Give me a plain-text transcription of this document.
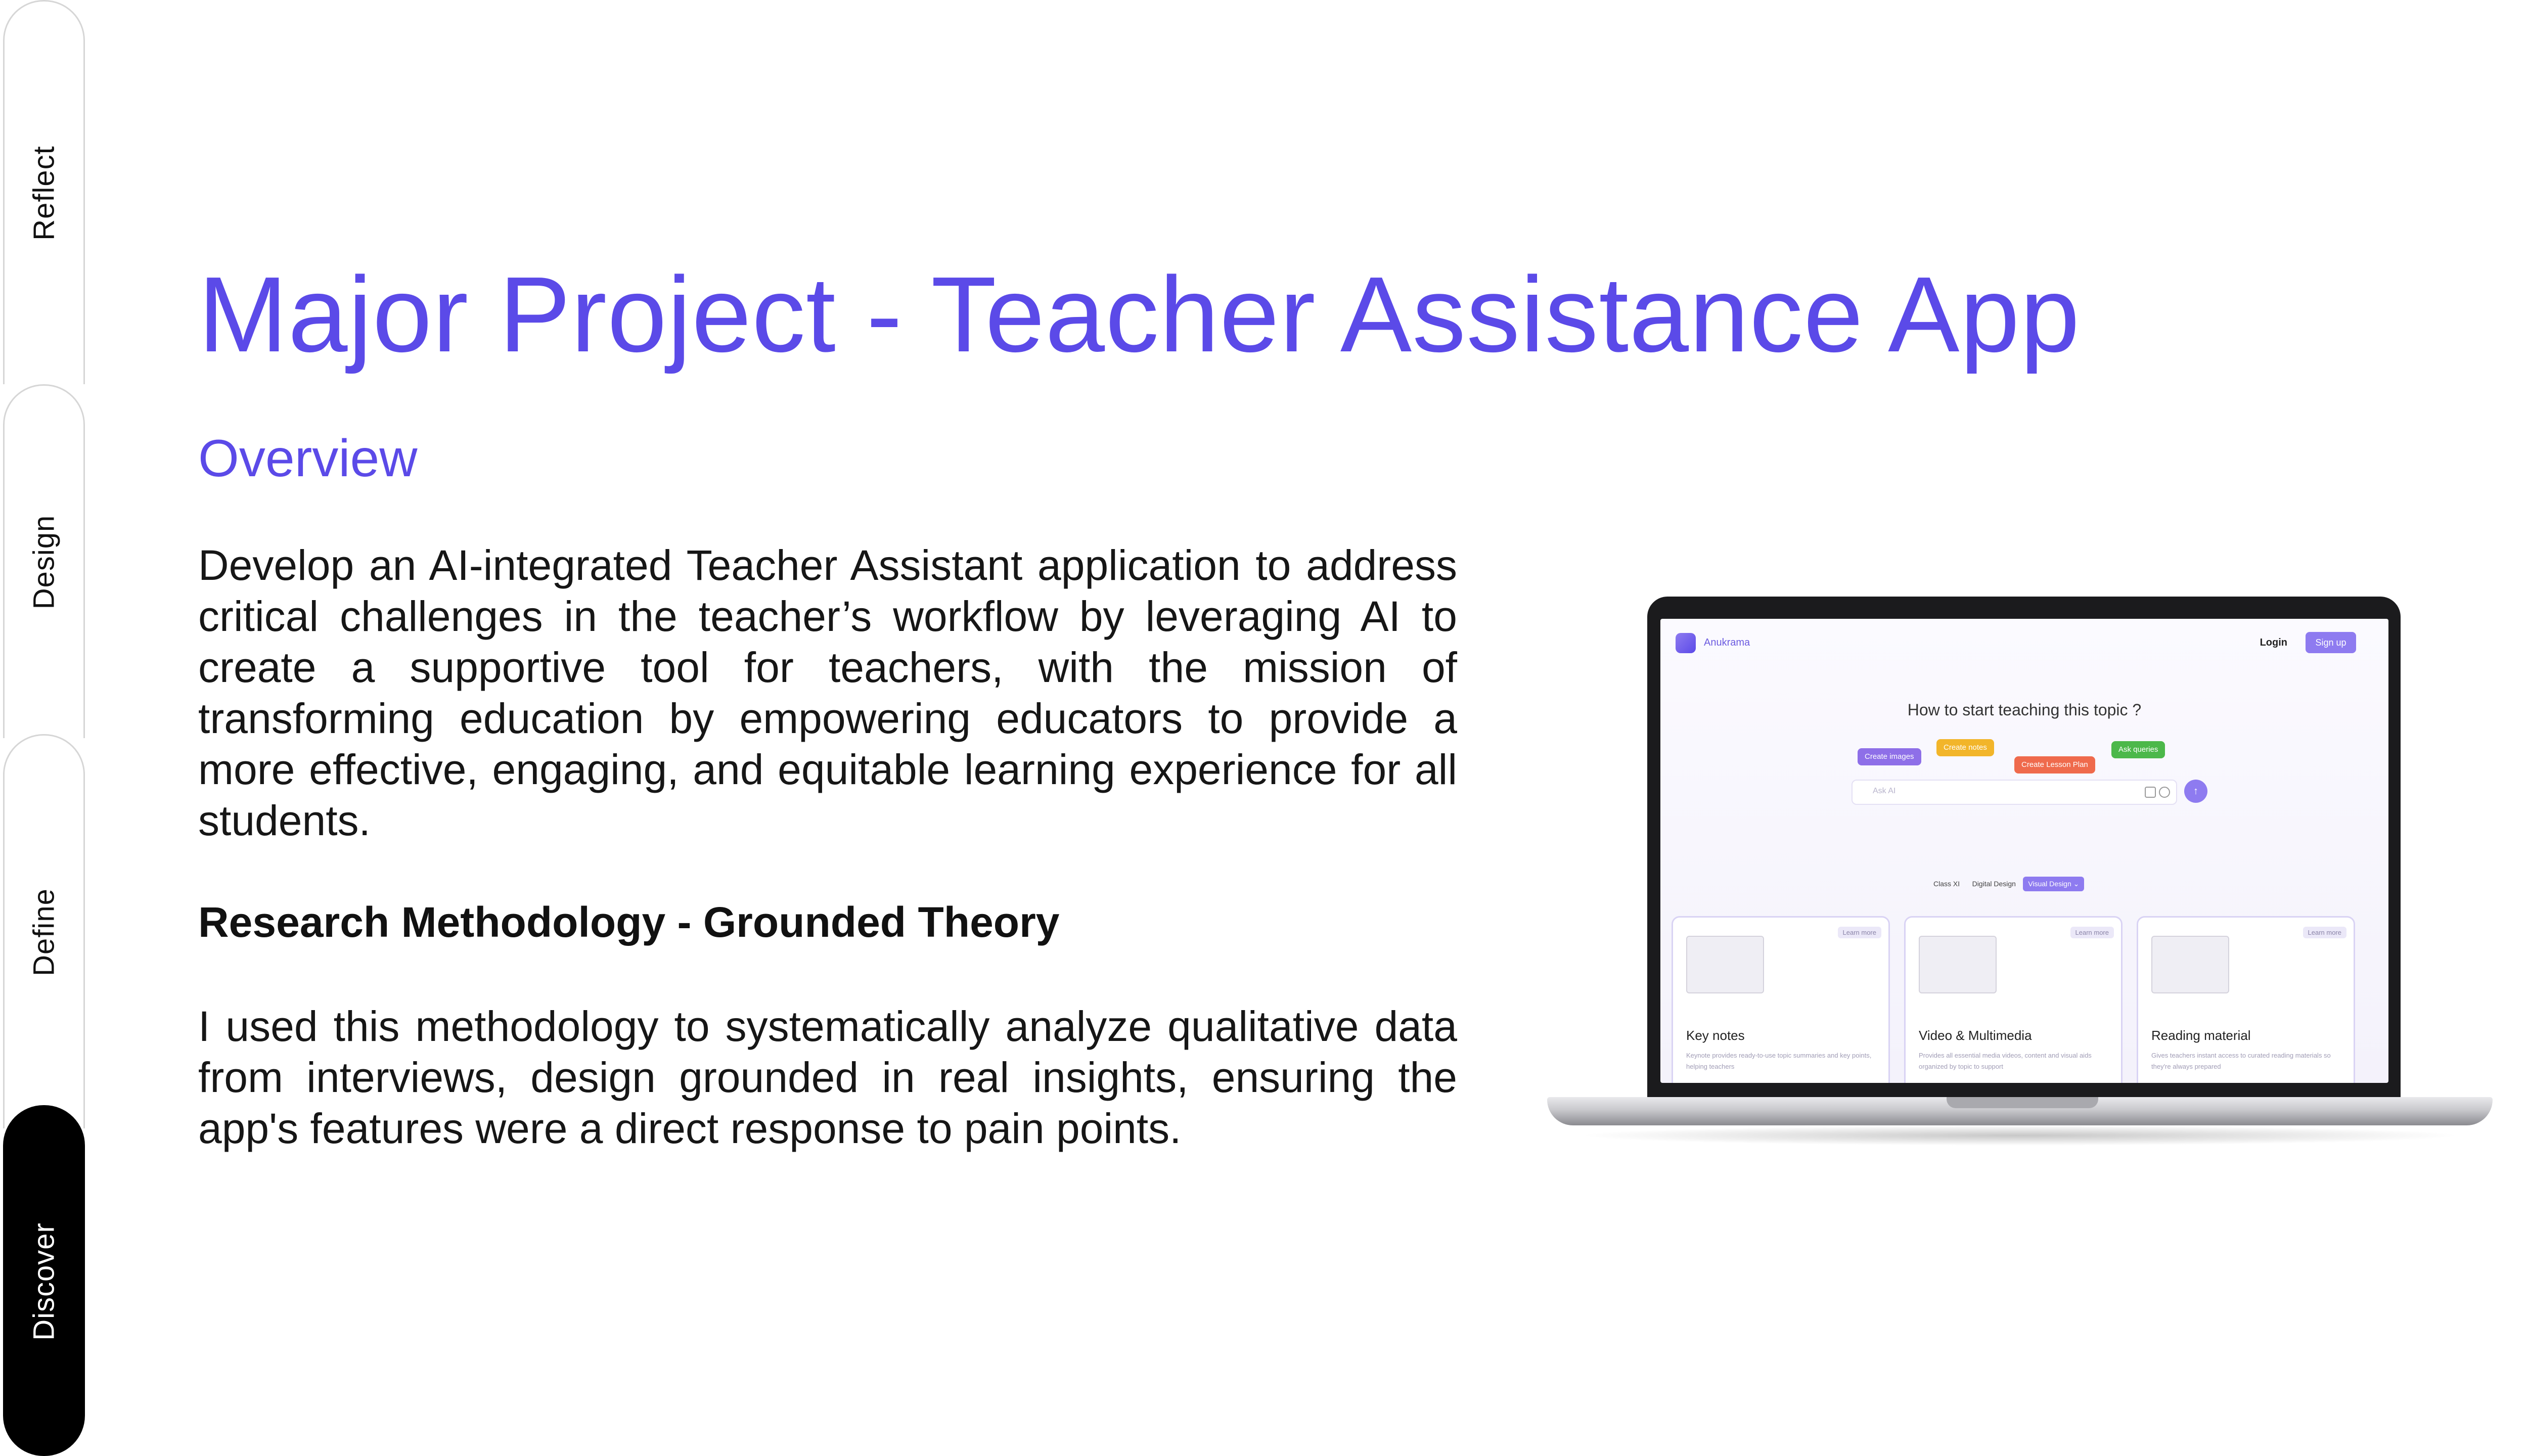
Reflect
Design
Define
Discover
Major Project - Teacher Assistance App
Overview

Develop an AI-integrated Teacher Assistant application to address critical challenges in the teacher’s workflow by leveraging AI to create a supportive tool for teachers, with the mission of transforming education by empowering educators to provide a more effective, engaging, and equitable learning experience for all students.

Research Methodology - Grounded Theory

I used this methodology to systematically analyze qualitative data from interviews, design grounded in real insights, ensuring the app's features were a direct response to pain points.

Anukrama	Login	Sign up
How to start teaching this topic ?
Create images
Create notes
Create Lesson Plan
Ask queries
Ask AI	↑
Class XI Digital Design Visual Design ⌄
Learn more
Key notes
Keynote provides ready-to-use topic summaries and key points, helping teachers
Learn more
Video & Multimedia
Provides all essential media videos, content and visual aids organized by topic to support
Learn more
Reading material
Gives teachers instant access to curated reading materials so they're always prepared
